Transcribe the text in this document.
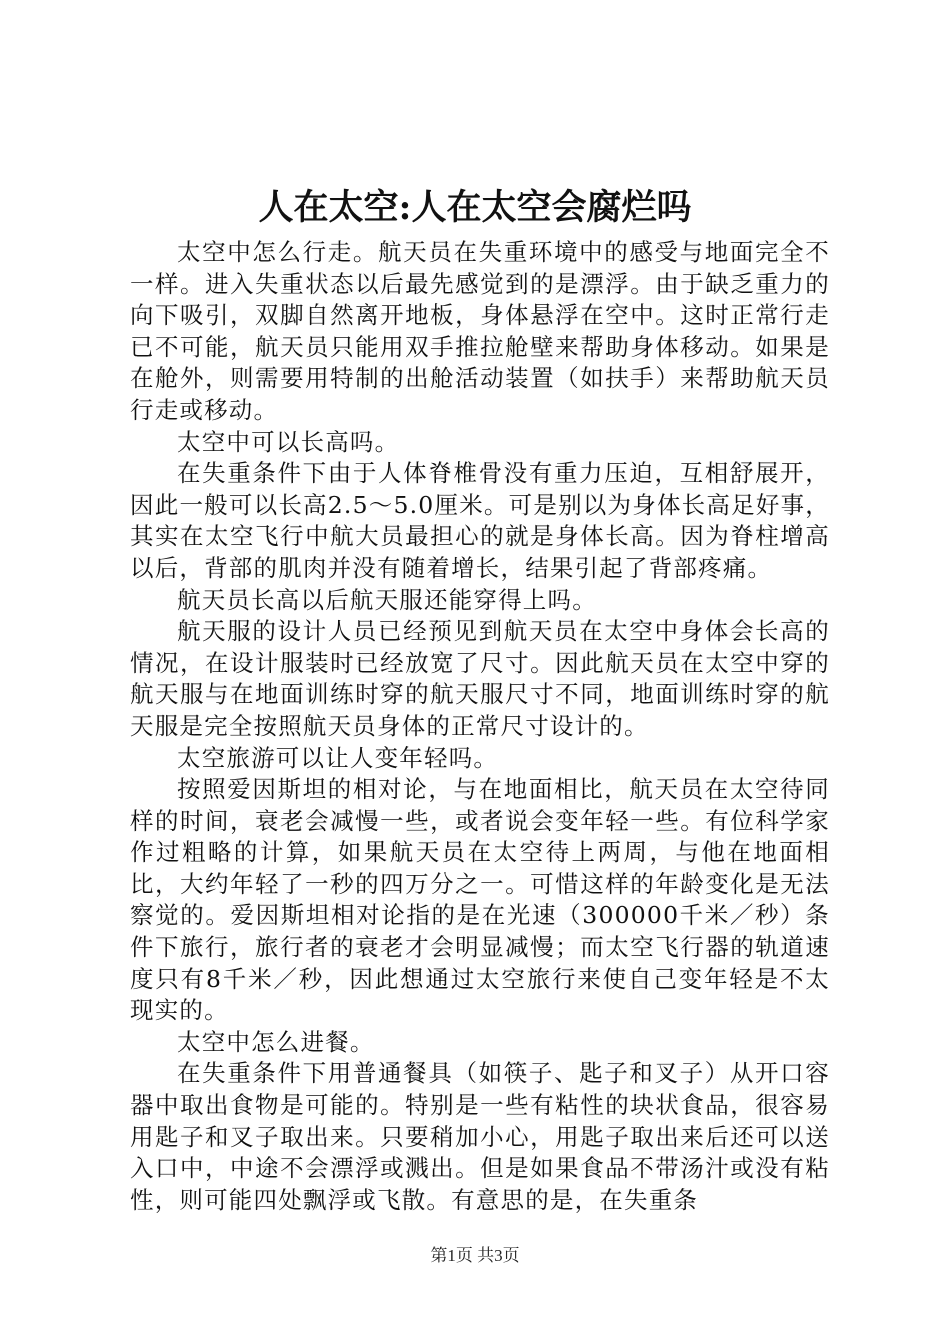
人在太空:人在太空会腐烂吗

太空中怎么行走。航天员在失重环境中的感受与地面完全不一样。进入失重状态以后最先感觉到的是漂浮。由于缺乏重力的向下吸引，双脚自然离开地板，身体悬浮在空中。这时正常行走已不可能，航天员只能用双手推拉舱壁来帮助身体移动。如果是在舱外，则需要用特制的出舱活动装置（如扶手）来帮助航天员行走或移动。

太空中可以长高吗。

在失重条件下由于人体脊椎骨没有重力压迫，互相舒展开，因此一般可以长高2.5～5.0厘米。可是别以为身体长高足好事，其实在太空飞行中航大员最担心的就是身体长高。因为脊柱增高以后，背部的肌肉并没有随着增长，结果引起了背部疼痛。

航天员长高以后航天服还能穿得上吗。

航天服的设计人员已经预见到航天员在太空中身体会长高的情况，在设计服装时已经放宽了尺寸。因此航天员在太空中穿的航天服与在地面训练时穿的航天服尺寸不同，地面训练时穿的航天服是完全按照航天员身体的正常尺寸设计的。

太空旅游可以让人变年轻吗。

按照爱因斯坦的相对论，与在地面相比，航天员在太空待同样的时间，衰老会减慢一些，或者说会变年轻一些。有位科学家作过粗略的计算，如果航天员在太空待上两周，与他在地面相比，大约年轻了一秒的四万分之一。可惜这样的年龄变化是无法察觉的。爱因斯坦相对论指的是在光速（300000千米／秒）条件下旅行，旅行者的衰老才会明显减慢；而太空飞行器的轨道速度只有8千米／秒，因此想通过太空旅行来使自己变年轻是不太现实的。

太空中怎么进餐。

在失重条件下用普通餐具（如筷子、匙子和叉子）从开口容器中取出食物是可能的。特别是一些有粘性的块状食品，很容易用匙子和叉子取出来。只要稍加小心，用匙子取出来后还可以送入口中，中途不会漂浮或溅出。但是如果食品不带汤汁或没有粘性，则可能四处飘浮或飞散。有意思的是，在失重条

第1页 共3页
